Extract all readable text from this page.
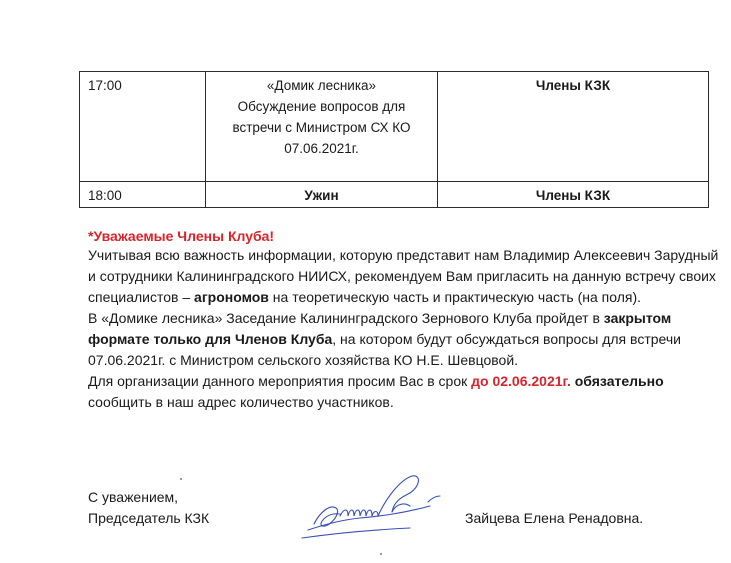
17:00	«Домик лесника»
Обсуждение вопросов для
встречи с Министром СХ КО
07.06.2021г.	Члены КЗК
18:00	Ужин	Члены КЗК
*Уважаемые Члены Клуба!

Учитывая всю важность информации, которую представит нам Владимир Алексеевич Зарудный и сотрудники Калининградского НИИСХ, рекомендуем Вам пригласить на данную встречу своих специалистов – агрономов на теоретическую часть и практическую часть (на поля).

В «Домике лесника» Заседание Калининградского Зернового Клуба пройдет в закрытом формате только для Членов Клуба, на котором будут обсуждаться вопросы для встречи 07.06.2021г. с Министром сельского хозяйства КО Н.Е. Шевцовой.

Для организации данного мероприятия просим Вас в срок до 02.06.2021г. обязательно сообщить в наш адрес количество участников.

С уважением,
Председатель КЗК	Зайцева Елена Ренадовна.
